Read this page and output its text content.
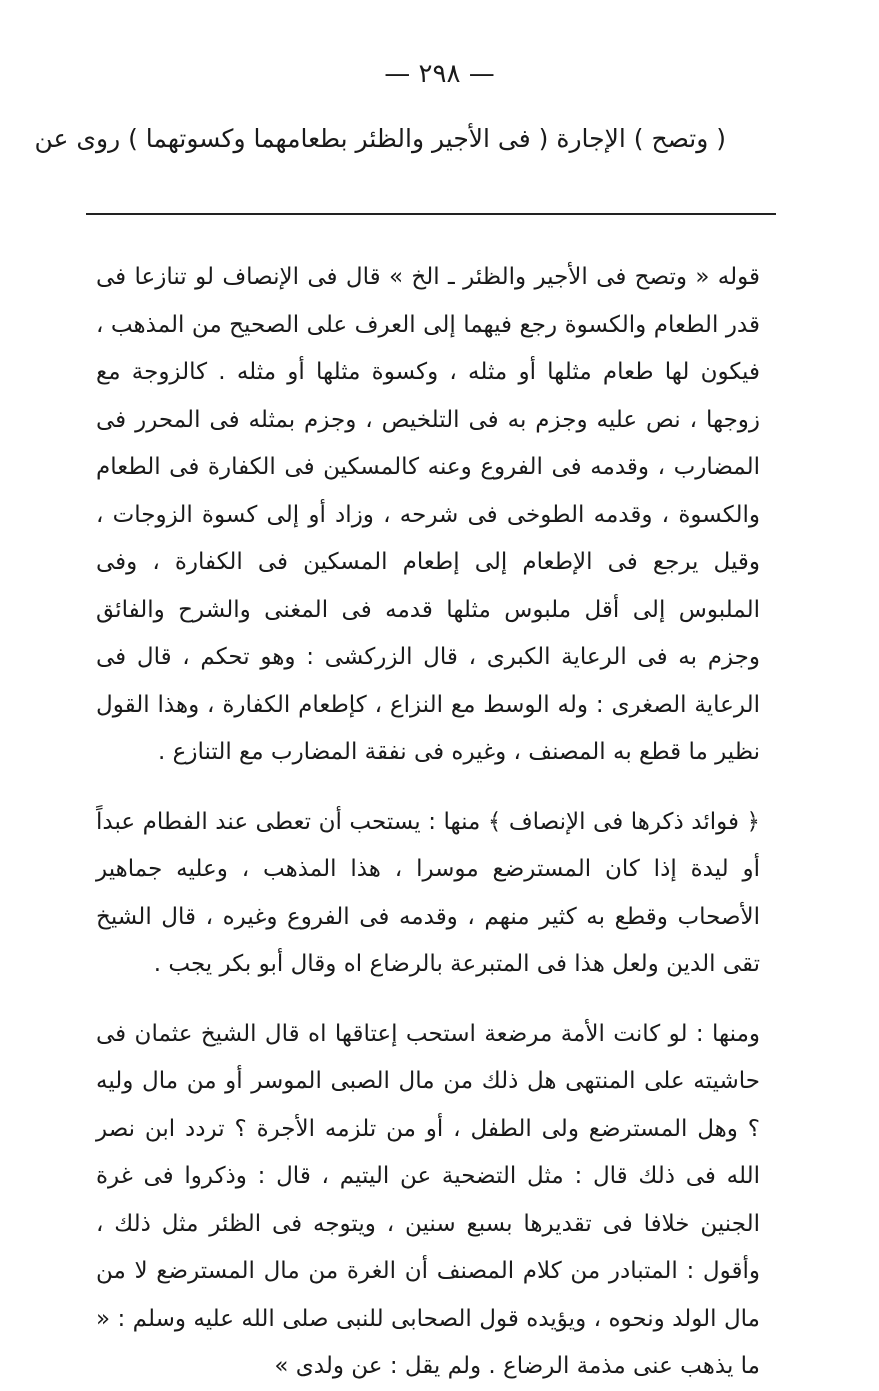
— ٢٩٨ —
( وتصح ) الإجارة ( فى الأجير والظئر بطعامهما وكسوتهما ) روى عن

قوله « وتصح فى الأجير والظئر ـ الخ » قال فى الإنصاف لو تنازعا فى قدر الطعام والكسوة رجع فيهما إلى العرف على الصحيح من المذهب ، فيكون لها طعام مثلها أو مثله ، وكسوة مثلها أو مثله . كالزوجة مع زوجها ، نص عليه وجزم به فى التلخيص ، وجزم بمثله فى المحرر فى المضارب ، وقدمه فى الفروع وعنه كالمسكين فى الكفارة فى الطعام والكسوة ، وقدمه الطوخى فى شرحه ، وزاد أو إلى كسوة الزوجات ، وقيل يرجع فى الإطعام إلى إطعام المسكين فى الكفارة ، وفى الملبوس إلى أقل ملبوس مثلها قدمه فى المغنى والشرح والفائق وجزم به فى الرعاية الكبرى ، قال الزركشى : وهو تحكم ، قال فى الرعاية الصغرى : وله الوسط مع النزاع ، كإطعام الكفارة ، وهذا القول نظير ما قطع به المصنف ، وغيره فى نفقة المضارب مع التنازع .

﴿ فوائد ذكرها فى الإنصاف ﴾ منها : يستحب أن تعطى عند الفطام عبداً أو ليدة إذا كان المسترضع موسرا ، هذا المذهب ، وعليه جماهير الأصحاب وقطع به كثير منهم ، وقدمه فى الفروع وغيره ، قال الشيخ تقى الدين ولعل هذا فى المتبرعة بالرضاع اه وقال أبو بكر يجب .

ومنها : لو كانت الأمة مرضعة استحب إعتاقها اه قال الشيخ عثمان فى حاشيته على المنتهى هل ذلك من مال الصبى الموسر أو من مال وليه ؟ وهل المسترضع ولى الطفل ، أو من تلزمه الأجرة ؟ تردد ابن نصر الله فى ذلك قال : مثل التضحية عن اليتيم ، قال : وذكروا فى غرة الجنين خلافا فى تقديرها بسبع سنين ، ويتوجه فى الظئر مثل ذلك ، وأقول : المتبادر من كلام المصنف أن الغرة من مال المسترضع لا من مال الولد ونحوه ، ويؤيده قول الصحابى للنبى صلى الله عليه وسلم : « ما يذهب عنى مذمة الرضاع . ولم يقل : عن ولدى »
